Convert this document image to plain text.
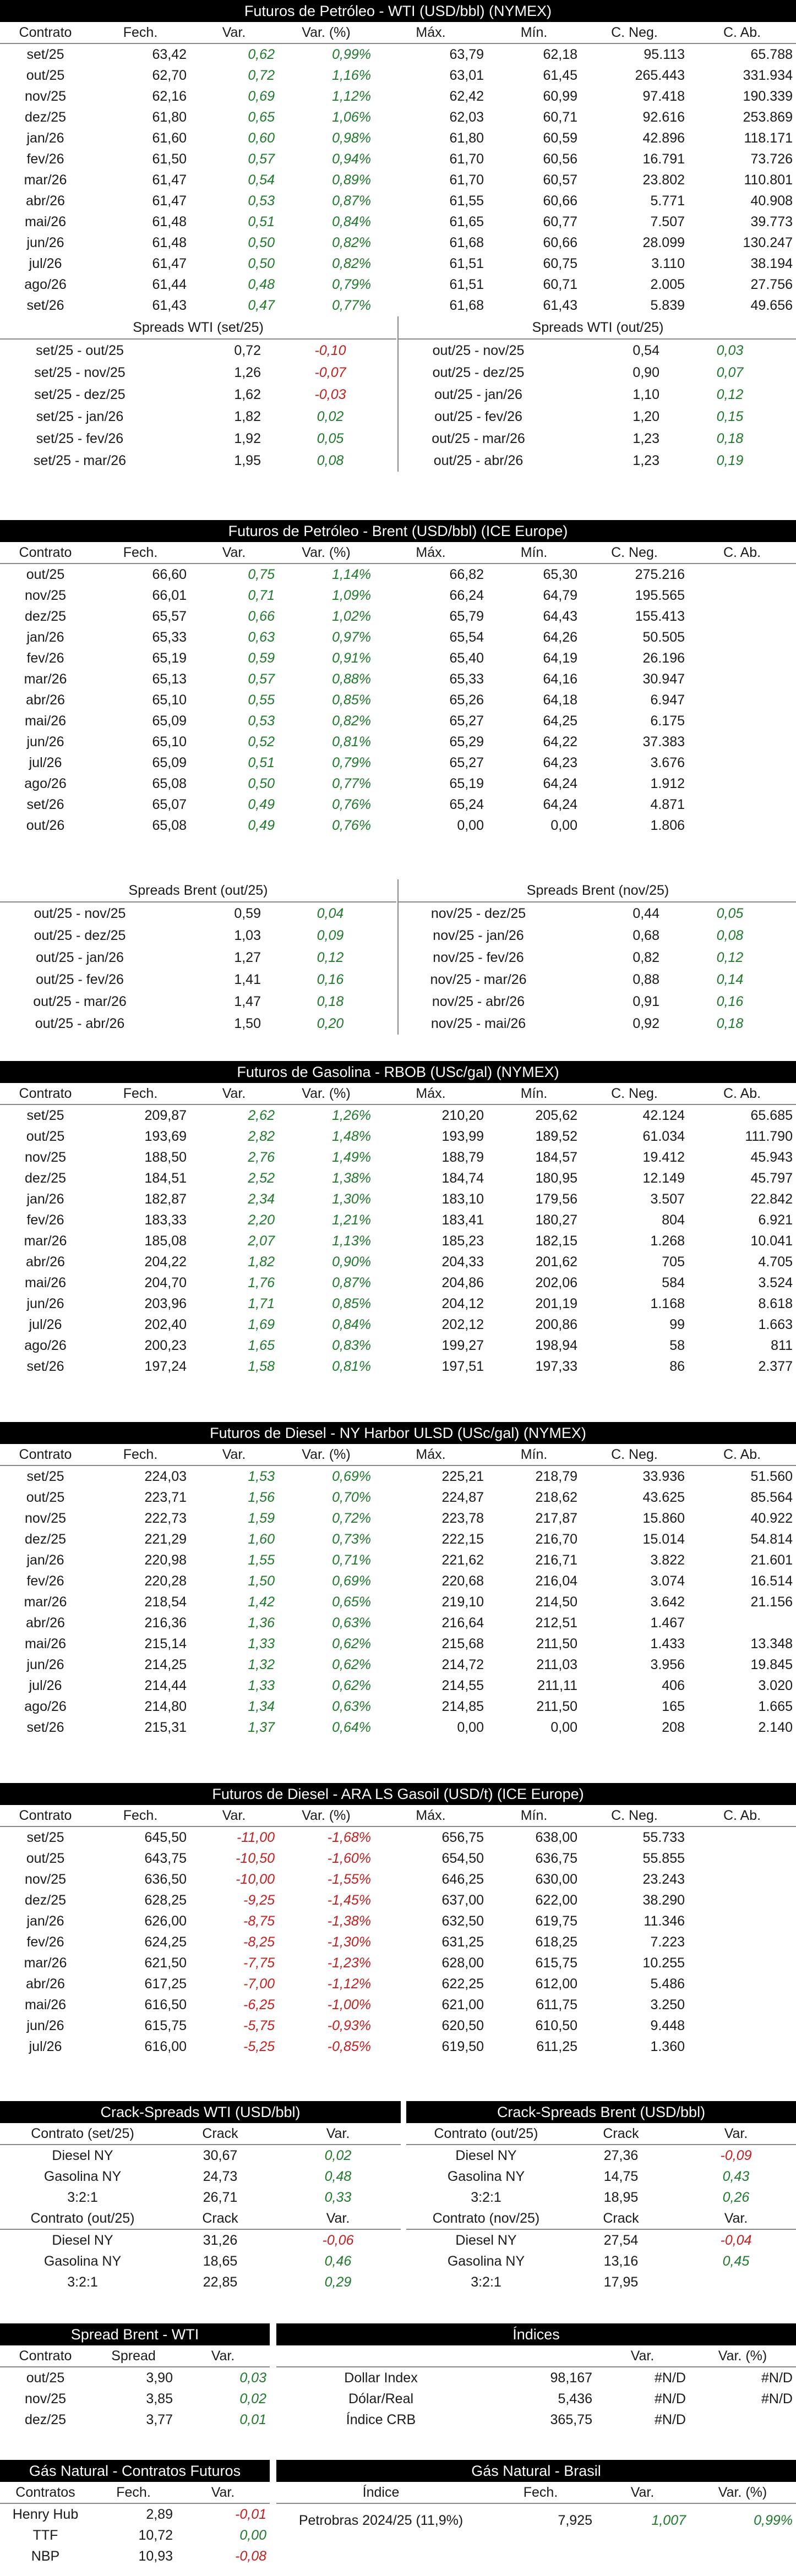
Futuros de Petróleo - WTI (USD/bbl) (NYMEX)
Contrato	Fech.	Var.	Var. (%)	Máx.	Mín.	C. Neg.	C. Ab.
set/25	63,42	0,62	0,99%	63,79	62,18	95.113	65.788
out/25	62,70	0,72	1,16%	63,01	61,45	265.443	331.934
nov/25	62,16	0,69	1,12%	62,42	60,99	97.418	190.339
dez/25	61,80	0,65	1,06%	62,03	60,71	92.616	253.869
jan/26	61,60	0,60	0,98%	61,80	60,59	42.896	118.171
fev/26	61,50	0,57	0,94%	61,70	60,56	16.791	73.726
mar/26	61,47	0,54	0,89%	61,70	60,57	23.802	110.801
abr/26	61,47	0,53	0,87%	61,55	60,66	5.771	40.908
mai/26	61,48	0,51	0,84%	61,65	60,77	7.507	39.773
jun/26	61,48	0,50	0,82%	61,68	60,66	28.099	130.247
jul/26	61,47	0,50	0,82%	61,51	60,75	3.110	38.194
ago/26	61,44	0,48	0,79%	61,51	60,71	2.005	27.756
set/26	61,43	0,47	0,77%	61,68	61,43	5.839	49.656
Spreads WTI (set/25)		
set/25 - out/25	0,72	-0,10
set/25 - nov/25	1,26	-0,07
set/25 - dez/25	1,62	-0,03
set/25 - jan/26	1,82	0,02
set/25 - fev/26	1,92	0,05
set/25 - mar/26	1,95	0,08
Spreads WTI (out/25)		
out/25 - nov/25	0,54	0,03
out/25 - dez/25	0,90	0,07
out/25 - jan/26	1,10	0,12
out/25 - fev/26	1,20	0,15
out/25 - mar/26	1,23	0,18
out/25 - abr/26	1,23	0,19
Futuros de Petróleo - Brent (USD/bbl) (ICE Europe)
Contrato	Fech.	Var.	Var. (%)	Máx.	Mín.	C. Neg.	C. Ab.
out/25	66,60	0,75	1,14%	66,82	65,30	275.216	
nov/25	66,01	0,71	1,09%	66,24	64,79	195.565	
dez/25	65,57	0,66	1,02%	65,79	64,43	155.413	
jan/26	65,33	0,63	0,97%	65,54	64,26	50.505	
fev/26	65,19	0,59	0,91%	65,40	64,19	26.196	
mar/26	65,13	0,57	0,88%	65,33	64,16	30.947	
abr/26	65,10	0,55	0,85%	65,26	64,18	6.947	
mai/26	65,09	0,53	0,82%	65,27	64,25	6.175	
jun/26	65,10	0,52	0,81%	65,29	64,22	37.383	
jul/26	65,09	0,51	0,79%	65,27	64,23	3.676	
ago/26	65,08	0,50	0,77%	65,19	64,24	1.912	
set/26	65,07	0,49	0,76%	65,24	64,24	4.871	
out/26	65,08	0,49	0,76%	0,00	0,00	1.806	
Spreads Brent (out/25)		
out/25 - nov/25	0,59	0,04
out/25 - dez/25	1,03	0,09
out/25 - jan/26	1,27	0,12
out/25 - fev/26	1,41	0,16
out/25 - mar/26	1,47	0,18
out/25 - abr/26	1,50	0,20
Spreads Brent (nov/25)		
nov/25 - dez/25	0,44	0,05
nov/25 - jan/26	0,68	0,08
nov/25 - fev/26	0,82	0,12
nov/25 - mar/26	0,88	0,14
nov/25 - abr/26	0,91	0,16
nov/25 - mai/26	0,92	0,18
Futuros de Gasolina - RBOB (USc/gal) (NYMEX)
Contrato	Fech.	Var.	Var. (%)	Máx.	Mín.	C. Neg.	C. Ab.
set/25	209,87	2,62	1,26%	210,20	205,62	42.124	65.685
out/25	193,69	2,82	1,48%	193,99	189,52	61.034	111.790
nov/25	188,50	2,76	1,49%	188,79	184,57	19.412	45.943
dez/25	184,51	2,52	1,38%	184,74	180,95	12.149	45.797
jan/26	182,87	2,34	1,30%	183,10	179,56	3.507	22.842
fev/26	183,33	2,20	1,21%	183,41	180,27	804	6.921
mar/26	185,08	2,07	1,13%	185,23	182,15	1.268	10.041
abr/26	204,22	1,82	0,90%	204,33	201,62	705	4.705
mai/26	204,70	1,76	0,87%	204,86	202,06	584	3.524
jun/26	203,96	1,71	0,85%	204,12	201,19	1.168	8.618
jul/26	202,40	1,69	0,84%	202,12	200,86	99	1.663
ago/26	200,23	1,65	0,83%	199,27	198,94	58	811
set/26	197,24	1,58	0,81%	197,51	197,33	86	2.377
Futuros de Diesel - NY Harbor ULSD (USc/gal) (NYMEX)
Contrato	Fech.	Var.	Var. (%)	Máx.	Mín.	C. Neg.	C. Ab.
set/25	224,03	1,53	0,69%	225,21	218,79	33.936	51.560
out/25	223,71	1,56	0,70%	224,87	218,62	43.625	85.564
nov/25	222,73	1,59	0,72%	223,78	217,87	15.860	40.922
dez/25	221,29	1,60	0,73%	222,15	216,70	15.014	54.814
jan/26	220,98	1,55	0,71%	221,62	216,71	3.822	21.601
fev/26	220,28	1,50	0,69%	220,68	216,04	3.074	16.514
mar/26	218,54	1,42	0,65%	219,10	214,50	3.642	21.156
abr/26	216,36	1,36	0,63%	216,64	212,51	1.467	
mai/26	215,14	1,33	0,62%	215,68	211,50	1.433	13.348
jun/26	214,25	1,32	0,62%	214,72	211,03	3.956	19.845
jul/26	214,44	1,33	0,62%	214,55	211,11	406	3.020
ago/26	214,80	1,34	0,63%	214,85	211,50	165	1.665
set/26	215,31	1,37	0,64%	0,00	0,00	208	2.140
Futuros de Diesel - ARA LS Gasoil (USD/t) (ICE Europe)
Contrato	Fech.	Var.	Var. (%)	Máx.	Mín.	C. Neg.	C. Ab.
set/25	645,50	-11,00	-1,68%	656,75	638,00	55.733	
out/25	643,75	-10,50	-1,60%	654,50	636,75	55.855	
nov/25	636,50	-10,00	-1,55%	646,25	630,00	23.243	
dez/25	628,25	-9,25	-1,45%	637,00	622,00	38.290	
jan/26	626,00	-8,75	-1,38%	632,50	619,75	11.346	
fev/26	624,25	-8,25	-1,30%	631,25	618,25	7.223	
mar/26	621,50	-7,75	-1,23%	628,00	615,75	10.255	
abr/26	617,25	-7,00	-1,12%	622,25	612,00	5.486	
mai/26	616,50	-6,25	-1,00%	621,00	611,75	3.250	
jun/26	615,75	-5,75	-0,93%	620,50	610,50	9.448	
jul/26	616,00	-5,25	-0,85%	619,50	611,25	1.360	
Crack-Spreads WTI (USD/bbl)
Contrato (set/25)	Crack	Var.
Diesel NY	30,67	0,02
Gasolina NY	24,73	0,48
3:2:1	26,71	0,33
Contrato (out/25)	Crack	Var.
Diesel NY	31,26	-0,06
Gasolina NY	18,65	0,46
3:2:1	22,85	0,29
Crack-Spreads Brent (USD/bbl)
Contrato (out/25)	Crack	Var.
Diesel NY	27,36	-0,09
Gasolina NY	14,75	0,43
3:2:1	18,95	0,26
Contrato (nov/25)	Crack	Var.
Diesel NY	27,54	-0,04
Gasolina NY	13,16	0,45
3:2:1	17,95	
Spread Brent - WTI
Contrato	Spread	Var.
out/25	3,90	0,03
nov/25	3,85	0,02
dez/25	3,77	0,01
Índices
		Var.	Var. (%)
Dollar Index	98,167	#N/D	#N/D
Dólar/Real	5,436	#N/D	#N/D
Índice CRB	365,75	#N/D	
Gás Natural - Contratos Futuros
Contratos	Fech.	Var.
Henry Hub	2,89	-0,01
TTF	10,72	0,00
NBP	10,93	-0,08
Gás Natural - Brasil
Índice	Fech.	Var.	Var. (%)
Petrobras 2024/25 (11,9%)	7,925	1,007	0,99%
